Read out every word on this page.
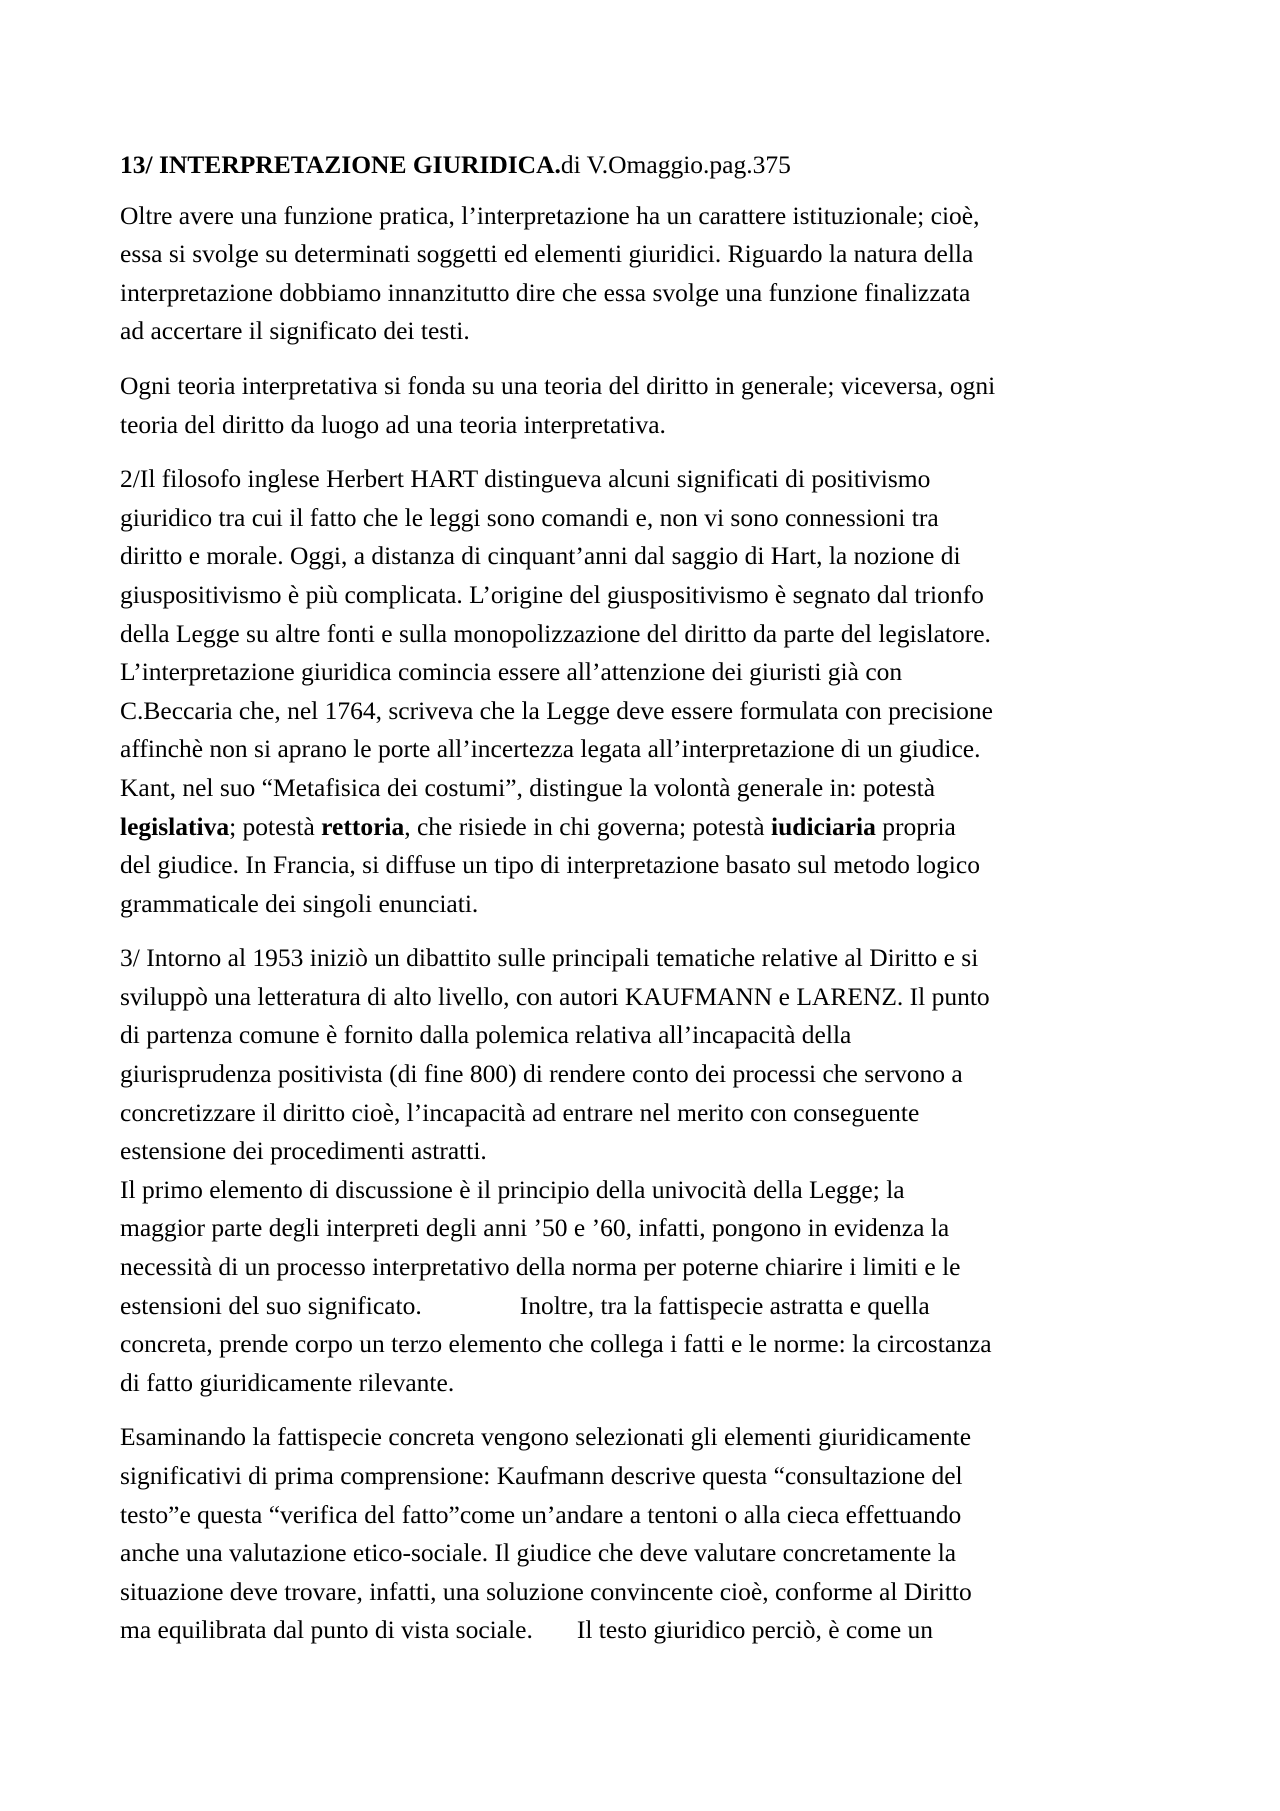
13/ INTERPRETAZIONE GIURIDICA.di V.Omaggio.pag.375

Oltre avere una funzione pratica, l’interpretazione ha un carattere istituzionale; cioè,
essa si svolge su determinati soggetti ed elementi giuridici. Riguardo la natura della
interpretazione dobbiamo innanzitutto dire che essa svolge una funzione finalizzata
ad accertare il significato dei testi.

Ogni teoria interpretativa si fonda su una teoria del diritto in generale; viceversa, ogni
teoria del diritto da luogo ad una teoria interpretativa.

2/Il filosofo inglese Herbert HART distingueva alcuni significati di positivismo
giuridico tra cui il fatto che le leggi sono comandi e, non vi sono connessioni tra
diritto e morale. Oggi, a distanza di cinquant’anni dal saggio di Hart, la nozione di
giuspositivismo è più complicata. L’origine del giuspositivismo è segnato dal trionfo
della Legge su altre fonti e sulla monopolizzazione del diritto da parte del legislatore.
L’interpretazione giuridica comincia essere all’attenzione dei giuristi già con
C.Beccaria che, nel 1764, scriveva che la Legge deve essere formulata con precisione
affinchè non si aprano le porte all’incertezza legata all’interpretazione di un giudice.
Kant, nel suo “Metafisica dei costumi”, distingue la volontà generale in: potestà
legislativa; potestà rettoria, che risiede in chi governa; potestà iudiciaria propria
del giudice. In Francia, si diffuse un tipo di interpretazione basato sul metodo logico
grammaticale dei singoli enunciati.

3/ Intorno al 1953 iniziò un dibattito sulle principali tematiche relative al Diritto e si
sviluppò una letteratura di alto livello, con autori KAUFMANN e LARENZ. Il punto
di partenza comune è fornito dalla polemica relativa all’incapacità della
giurisprudenza positivista (di fine 800) di rendere conto dei processi che servono a
concretizzare il diritto cioè, l’incapacità ad entrare nel merito con conseguente
estensione dei procedimenti astratti.
Il primo elemento di discussione è il principio della univocità della Legge; la
maggior parte degli interpreti degli anni ’50 e ’60, infatti, pongono in evidenza la
necessità di un processo interpretativo della norma per poterne chiarire i limiti e le
estensioni del suo significato.	Inoltre, tra la fattispecie astratta e quella

concreta, prende corpo un terzo elemento che collega i fatti e le norme: la circostanza
di fatto giuridicamente rilevante.

Esaminando la fattispecie concreta vengono selezionati gli elementi giuridicamente
significativi di prima comprensione: Kaufmann descrive questa “consultazione del
testo”e questa “verifica del fatto”come un’andare a tentoni o alla cieca effettuando
anche una valutazione etico-sociale. Il giudice che deve valutare concretamente la
situazione deve trovare, infatti, una soluzione convincente cioè, conforme al Diritto
ma equilibrata dal punto di vista sociale. Il testo giuridico perciò, è come un
